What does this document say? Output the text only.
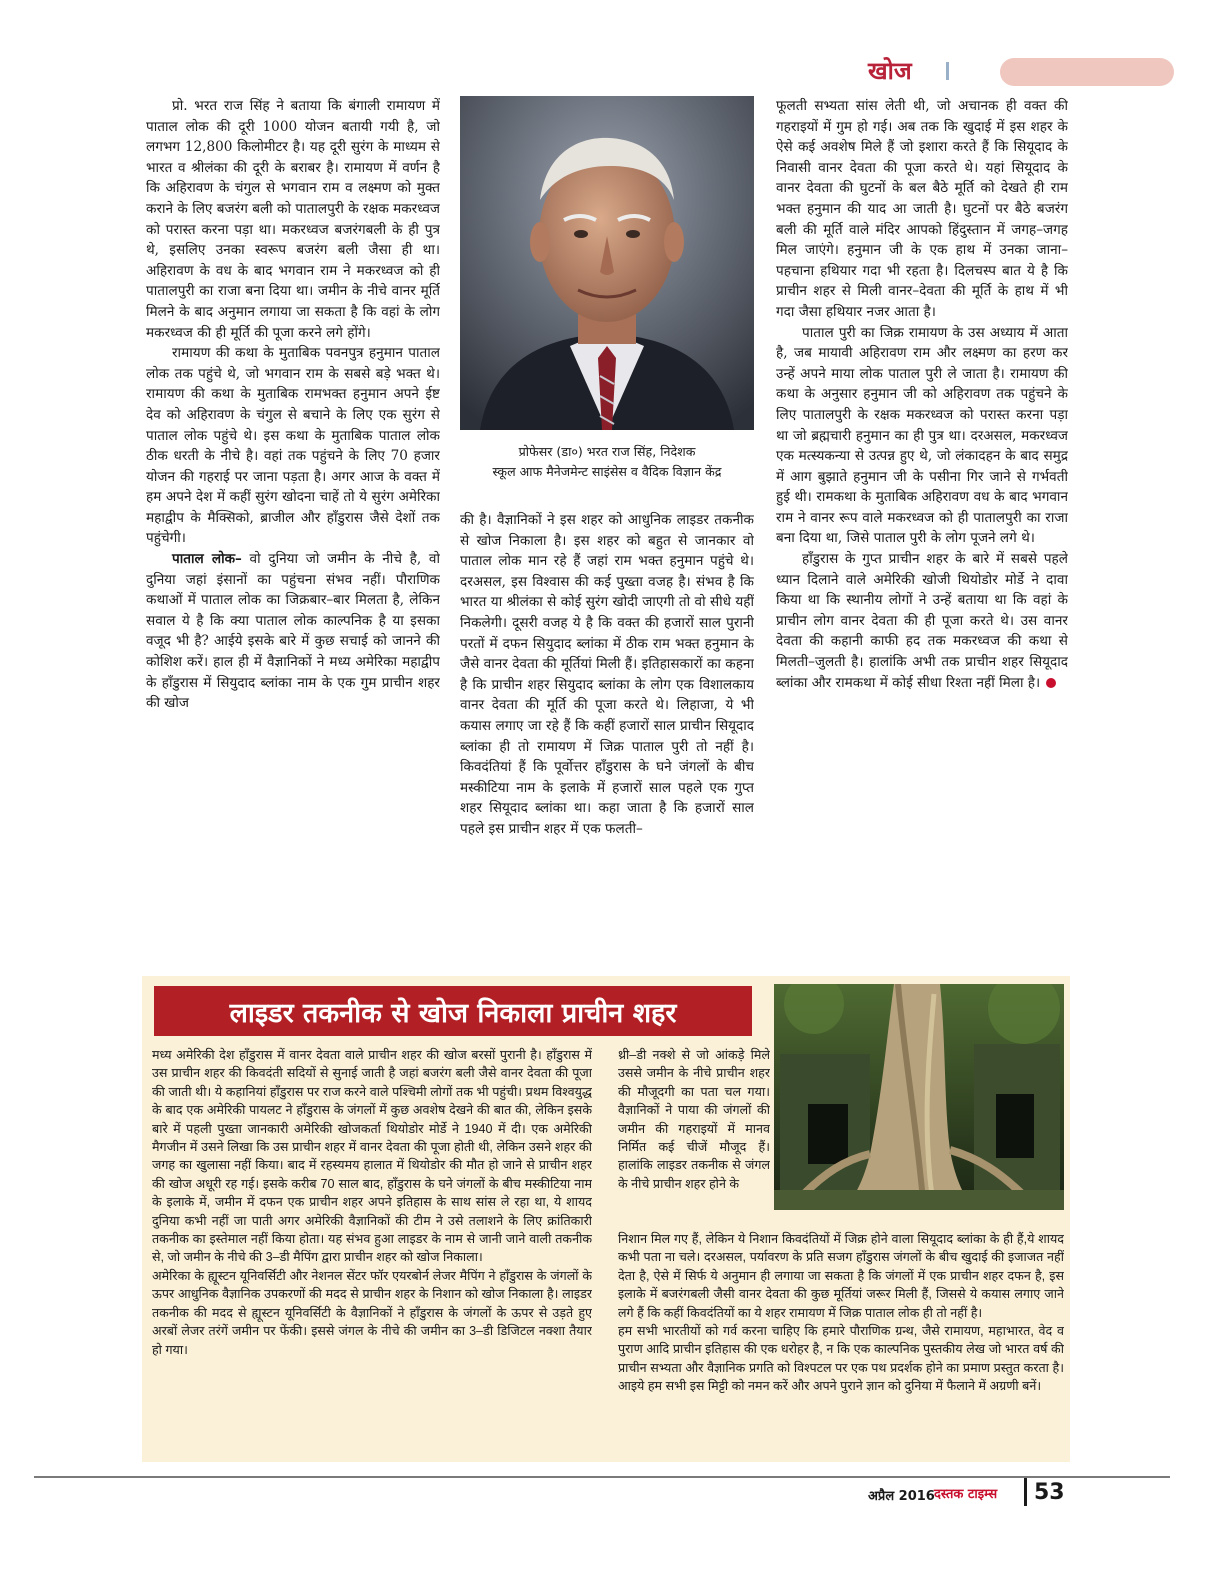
खोज

प्रो. भरत राज सिंह ने बताया कि बंगाली रामायण में पाताल लोक की दूरी 1000 योजन बतायी गयी है, जो लगभग 12,800 किलोमीटर है। यह दूरी सुरंग के माध्यम से भारत व श्रीलंका की दूरी के बराबर है। रामायण में वर्णन है कि अहिरावण के चंगुल से भगवान राम व लक्ष्मण को मुक्त कराने के लिए बजरंग बली को पातालपुरी के रक्षक मकरध्वज को परास्त करना पड़ा था। मकरध्वज बजरंगबली के ही पुत्र थे, इसलिए उनका स्वरूप बजरंग बली जैसा ही था। अहिरावण के वध के बाद भगवान राम ने मकरध्वज को ही पातालपुरी का राजा बना दिया था। जमीन के नीचे वानर मूर्ति मिलने के बाद अनुमान लगाया जा सकता है कि वहां के लोग मकरध्वज की ही मूर्ति की पूजा करने लगे होंगे।

रामायण की कथा के मुताबिक पवनपुत्र हनुमान पाताल लोक तक पहुंचे थे, जो भगवान राम के सबसे बड़े भक्त थे। रामायण की कथा के मुताबिक रामभक्त हनुमान अपने ईष्ट देव को अहिरावण के चंगुल से बचाने के लिए एक सुरंग से पाताल लोक पहुंचे थे। इस कथा के मुताबिक पाताल लोक ठीक धरती के नीचे है। वहां तक पहुंचने के लिए 70 हजार योजन की गहराई पर जाना पड़ता है। अगर आज के वक्त में हम अपने देश में कहीं सुरंग खोदना चाहें तो ये सुरंग अमेरिका महाद्वीप के मैक्सिको, ब्राजील और हॉंडुरास जैसे देशों तक पहुंचेगी।

पाताल लोक– वो दुनिया जो जमीन के नीचे है, वो दुनिया जहां इंसानों का पहुंचना संभव नहीं। पौराणिक कथाओं में पाताल लोक का जिक्रबार–बार मिलता है, लेकिन सवाल ये है कि क्या पाताल लोक काल्पनिक है या इसका वजूद भी है? आईये इसके बारे में कुछ सचाई को जानने की कोशिश करें। हाल ही में वैज्ञानिकों ने मध्य अमेरिका महाद्वीप के हॉंडुरास में सियुदाद ब्लांका नाम के एक गुम प्राचीन शहर की खोज

प्रोफेसर (डा०) भरत राज सिंह, निदेशक
स्कूल आफ मैनेजमेन्ट साइंसेस व वैदिक विज्ञान केंद्र

की है। वैज्ञानिकों ने इस शहर को आधुनिक लाइडर तकनीक से खोज निकाला है। इस शहर को बहुत से जानकार वो पाताल लोक मान रहे हैं जहां राम भक्त हनुमान पहुंचे थे। दरअसल, इस विश्वास की कई पुख्ता वजह है। संभव है कि भारत या श्रीलंका से कोई सुरंग खोदी जाएगी तो वो सीधे यहीं निकलेगी। दूसरी वजह ये है कि वक्त की हजारों साल पुरानी परतों में दफन सियुदाद ब्लांका में ठीक राम भक्त हनुमान के जैसे वानर देवता की मूर्तियां मिली हैं। इतिहासकारों का कहना है कि प्राचीन शहर सियुदाद ब्लांका के लोग एक विशालकाय वानर देवता की मूर्ति की पूजा करते थे। लिहाजा, ये भी कयास लगाए जा रहे हैं कि कहीं हजारों साल प्राचीन सियूदाद ब्लांका ही तो रामायण में जिक्र पाताल पुरी तो नहीं है। किवदंतियां हैं कि पूर्वोत्तर हॉंडुरास के घने जंगलों के बीच मस्कीटिया नाम के इलाके में हजारों साल पहले एक गुप्त शहर सियूदाद ब्लांका था। कहा जाता है कि हजारों साल पहले इस प्राचीन शहर में एक फलती–

फूलती सभ्यता सांस लेती थी, जो अचानक ही वक्त की गहराइयों में गुम हो गई। अब तक कि खुदाई में इस शहर के ऐसे कई अवशेष मिले हैं जो इशारा करते हैं कि सियूदाद के निवासी वानर देवता की पूजा करते थे। यहां सियूदाद के वानर देवता की घुटनों के बल बैठे मूर्ति को देखते ही राम भक्त हनुमान की याद आ जाती है। घुटनों पर बैठे बजरंग बली की मूर्ति वाले मंदिर आपको हिंदुस्तान में जगह–जगह मिल जाएंगे। हनुमान जी के एक हाथ में उनका जाना–पहचाना हथियार गदा भी रहता है। दिलचस्प बात ये है कि प्राचीन शहर से मिली वानर–देवता की मूर्ति के हाथ में भी गदा जैसा हथियार नजर आता है।

पाताल पुरी का जिक्र रामायण के उस अध्याय में आता है, जब मायावी अहिरावण राम और लक्ष्मण का हरण कर उन्हें अपने माया लोक पाताल पुरी ले जाता है। रामायण की कथा के अनुसार हनुमान जी को अहिरावण तक पहुंचने के लिए पातालपुरी के रक्षक मकरध्वज को परास्त करना पड़ा था जो ब्रह्मचारी हनुमान का ही पुत्र था। दरअसल, मकरध्वज एक मत्स्यकन्या से उत्पन्न हुए थे, जो लंकादहन के बाद समुद्र में आग बुझाते हनुमान जी के पसीना गिर जाने से गर्भवती हुई थी। रामकथा के मुताबिक अहिरावण वध के बाद भगवान राम ने वानर रूप वाले मकरध्वज को ही पातालपुरी का राजा बना दिया था, जिसे पाताल पुरी के लोग पूजने लगे थे।

हॉंडुरास के गुप्त प्राचीन शहर के बारे में सबसे पहले ध्यान दिलाने वाले अमेरिकी खोजी थियोडोर मोर्डे ने दावा किया था कि स्थानीय लोगों ने उन्हें बताया था कि वहां के प्राचीन लोग वानर देवता की ही पूजा करते थे। उस वानर देवता की कहानी काफी हद तक मकरध्वज की कथा से मिलती–जुलती है। हालांकि अभी तक प्राचीन शहर सियूदाद ब्लांका और रामकथा में कोई सीधा रिश्ता नहीं मिला है।

लाइडर तकनीक से खोज निकाला प्राचीन शहर

मध्य अमेरिकी देश हॉंडुरास में वानर देवता वाले प्राचीन शहर की खोज बरसों पुरानी है। हॉंडुरास में उस प्राचीन शहर की किवदंती सदियों से सुनाई जाती है जहां बजरंग बली जैसे वानर देवता की पूजा की जाती थी। ये कहानियां हॉंडुरास पर राज करने वाले पश्चिमी लोगों तक भी पहुंची। प्रथम विश्वयुद्ध के बाद एक अमेरिकी पायलट ने हॉंडुरास के जंगलों में कुछ अवशेष देखने की बात की, लेकिन इसके बारे में पहली पुख्ता जानकारी अमेरिकी खोजकर्ता थियोडोर मोर्डे ने 1940 में दी। एक अमेरिकी मैगजीन में उसने लिखा कि उस प्राचीन शहर में वानर देवता की पूजा होती थी, लेकिन उसने शहर की जगह का खुलासा नहीं किया। बाद में रहस्यमय हालात में थियोडोर की मौत हो जाने से प्राचीन शहर की खोज अधूरी रह गई। इसके करीब 70 साल बाद, हॉंडुरास के घने जंगलों के बीच मस्कीटिया नाम के इलाके में, जमीन में दफन एक प्राचीन शहर अपने इतिहास के साथ सांस ले रहा था, ये शायद दुनिया कभी नहीं जा पाती अगर अमेरिकी वैज्ञानिकों की टीम ने उसे तलाशने के लिए क्रांतिकारी तकनीक का इस्तेमाल नहीं किया होता। यह संभव हुआ लाइडर के नाम से जानी जाने वाली तकनीक से, जो जमीन के नीचे की 3–डी मैपिंग द्वारा प्राचीन शहर को खोज निकाला।

अमेरिका के ह्यूस्टन यूनिवर्सिटी और नेशनल सेंटर फॉर एयरबोर्न लेजर मैपिंग ने हॉंडुरास के जंगलों के ऊपर आधुनिक वैज्ञानिक उपकरणों की मदद से प्राचीन शहर के निशान को खोज निकाला है। लाइडर तकनीक की मदद से ह्यूस्टन यूनिवर्सिटी के वैज्ञानिकों ने हॉंडुरास के जंगलों के ऊपर से उड़ते हुए अरबों लेजर तरंगें जमीन पर फेंकी। इससे जंगल के नीचे की जमीन का 3–डी डिजिटल नक्शा तैयार हो गया।

थ्री–डी नक्शे से जो आंकड़े मिले उससे जमीन के नीचे प्राचीन शहर की मौजूदगी का पता चल गया। वैज्ञानिकों ने पाया की जंगलों की जमीन की गहराइयों में मानव निर्मित कई चीजें मौजूद हैं। हालांकि लाइडर तकनीक से जंगल के नीचे प्राचीन शहर होने के

निशान मिल गए हैं, लेकिन ये निशान किवदंतियों में जिक्र होने वाला सियूदाद ब्लांका के ही हैं,ये शायद कभी पता ना चले। दरअसल, पर्यावरण के प्रति सजग हॉंडुरास जंगलों के बीच खुदाई की इजाजत नहीं देता है, ऐसे में सिर्फ ये अनुमान ही लगाया जा सकता है कि जंगलों में एक प्राचीन शहर दफन है, इस इलाके में बजरंगबली जैसी वानर देवता की कुछ मूर्तियां जरूर मिली हैं, जिससे ये कयास लगाए जाने लगे हैं कि कहीं किवदंतियों का ये शहर रामायण में जिक्र पाताल लोक ही तो नहीं है।

हम सभी भारतीयों को गर्व करना चाहिए कि हमारे पौराणिक ग्रन्थ, जैसे रामायण, महाभारत, वेद व पुराण आदि प्राचीन इतिहास की एक धरोहर है, न कि एक काल्पनिक पुस्तकीय लेख जो भारत वर्ष की प्राचीन सभ्यता और वैज्ञानिक प्रगति को विश्पटल पर एक पथ प्रदर्शक होने का प्रमाण प्रस्तुत करता है। आइये हम सभी इस मिट्टी को नमन करें और अपने पुराने ज्ञान को दुनिया में फैलाने में अग्रणी बनें।

अप्रैल 2016 दस्तक टाइम्स 53
